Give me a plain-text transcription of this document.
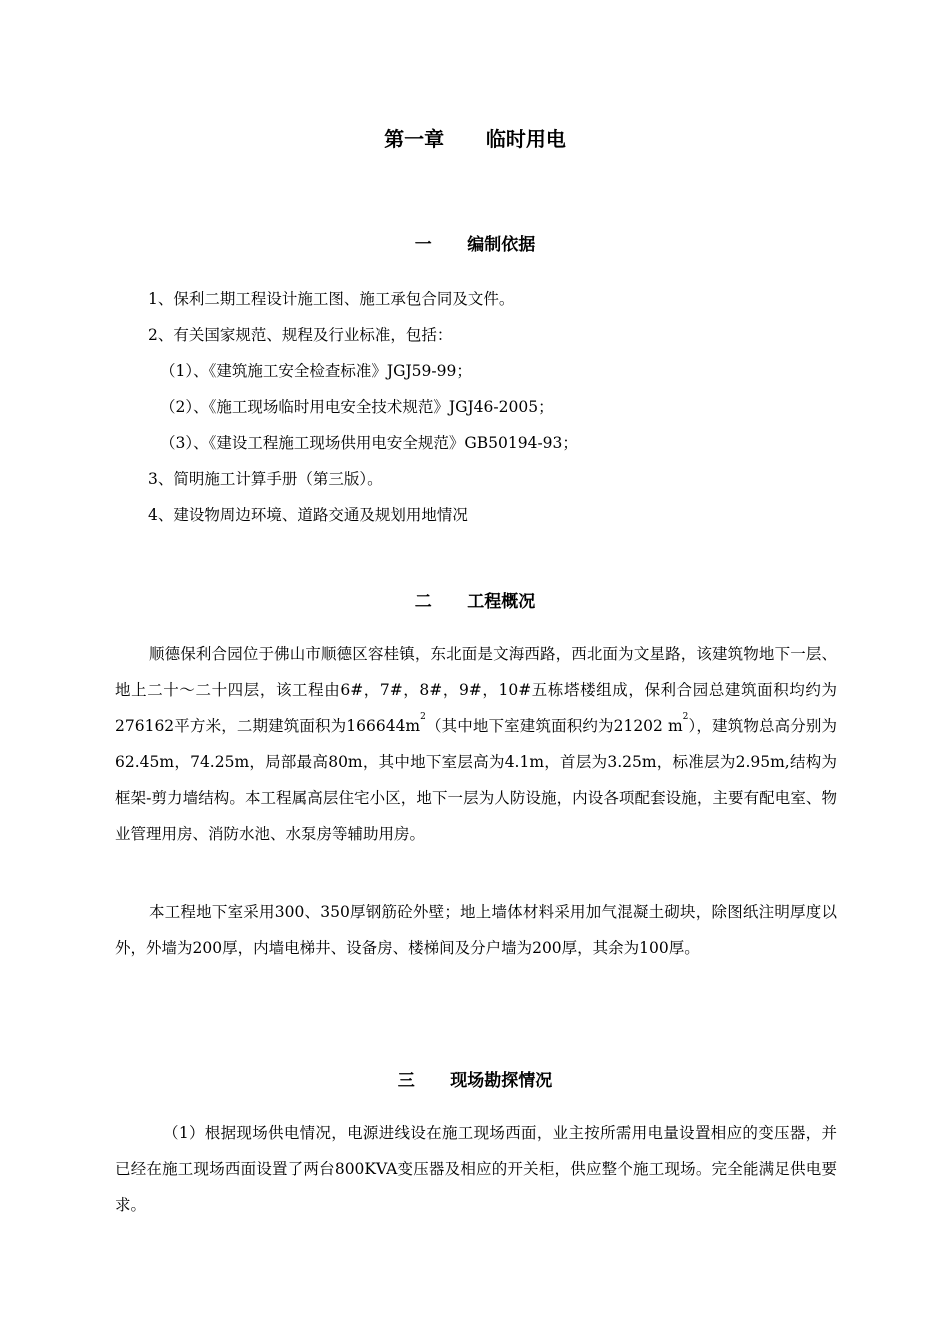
第一章      临时用电
一      编制依据
1、保利二期工程设计施工图、施工承包合同及文件。
2、有关国家规范、规程及行业标准，包括：
（1）、《建筑施工安全检查标准》JGJ59-99；
（2）、《施工现场临时用电安全技术规范》JGJ46-2005；
（3）、《建设工程施工现场供用电安全规范》GB50194-93；
3、简明施工计算手册（第三版）。
4、建设物周边环境、道路交通及规划用地情况
二      工程概况

顺德保利合园位于佛山市顺德区容桂镇，东北面是文海西路，西北面为文星路，该建筑物地下一层、地上二十～二十四层，该工程由6#，7#，8#，9#，10#五栋塔楼组成，保利合园总建筑面积均约为276162平方米，二期建筑面积为$166644m^2$（其中地下室建筑面积约为21202 $m^2$），建筑物总高分别为62.45m，74.25m，局部最高80m，其中地下室层高为4.1m，首层为3.25m，标准层为2.95m,结构为框架-剪力墙结构。本工程属高层住宅小区，地下一层为人防设施，内设各项配套设施，主要有配电室、物业管理用房、消防水池、水泵房等辅助用房。

本工程地下室采用300、350厚钢筋砼外壁；地上墙体材料采用加气混凝土砌块，除图纸注明厚度以外，外墙为200厚，内墙电梯井、设备房、楼梯间及分户墙为200厚，其余为100厚。

三      现场勘探情况

（1）根据现场供电情况，电源进线设在施工现场西面，业主按所需用电量设置相应的变压器，并已经在施工现场西面设置了两台800KVA变压器及相应的开关柜，供应整个施工现场。完全能满足供电要求。
